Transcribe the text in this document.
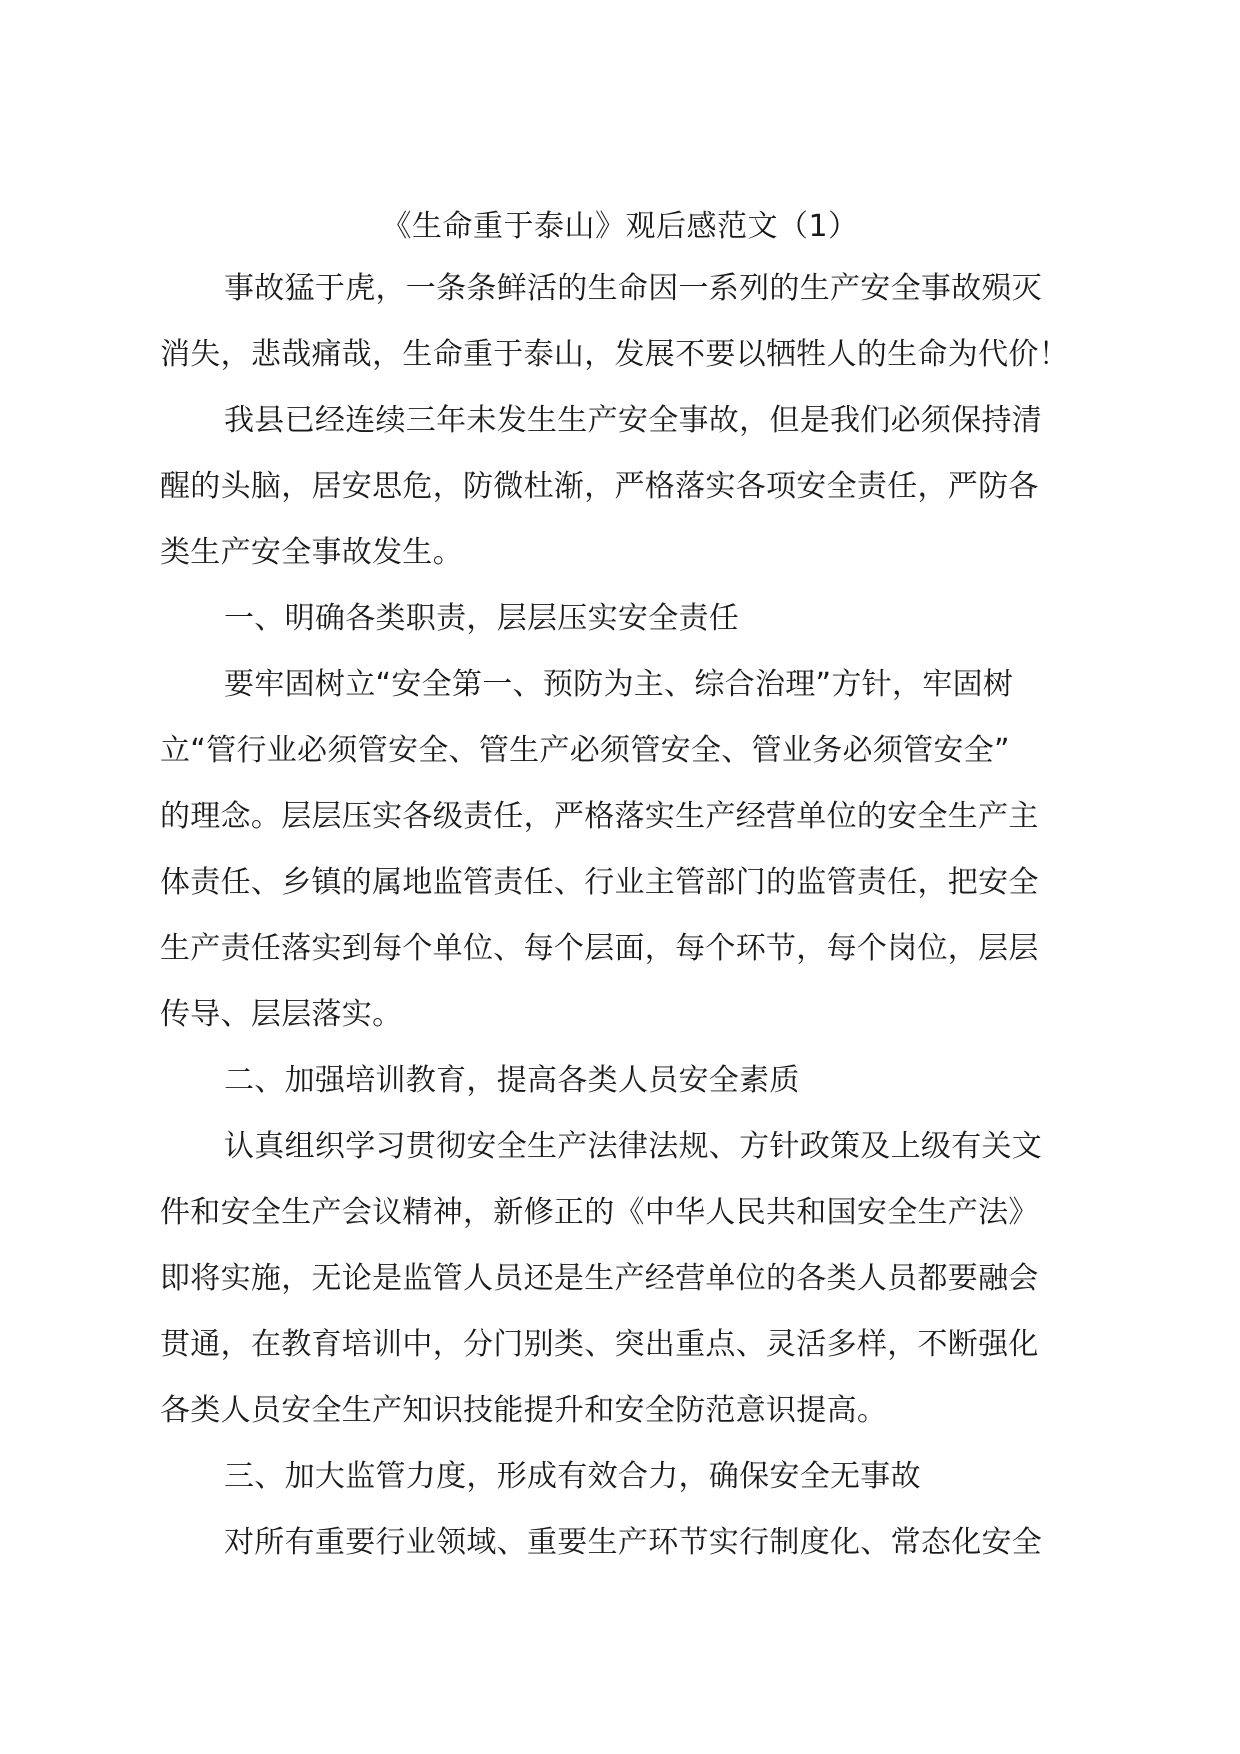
《生命重于泰山》观后感范文（1）
事故猛于虎，一条条鲜活的生命因一系列的生产安全事故殒灭
消失，悲哉痛哉，生命重于泰山，发展不要以牺牲人的生命为代价！
我县已经连续三年未发生生产安全事故，但是我们必须保持清
醒的头脑，居安思危，防微杜渐，严格落实各项安全责任，严防各
类生产安全事故发生。
一、明确各类职责，层层压实安全责任
要牢固树立“安全第一、预防为主、综合治理”方针，牢固树
立“管行业必须管安全、管生产必须管安全、管业务必须管安全”
的理念。层层压实各级责任，严格落实生产经营单位的安全生产主
体责任、乡镇的属地监管责任、行业主管部门的监管责任，把安全
生产责任落实到每个单位、每个层面，每个环节，每个岗位，层层
传导、层层落实。
二、加强培训教育，提高各类人员安全素质
认真组织学习贯彻安全生产法律法规、方针政策及上级有关文
件和安全生产会议精神，新修正的《中华人民共和国安全生产法》
即将实施，无论是监管人员还是生产经营单位的各类人员都要融会
贯通，在教育培训中，分门别类、突出重点、灵活多样，不断强化
各类人员安全生产知识技能提升和安全防范意识提高。
三、加大监管力度，形成有效合力，确保安全无事故
对所有重要行业领域、重要生产环节实行制度化、常态化安全
